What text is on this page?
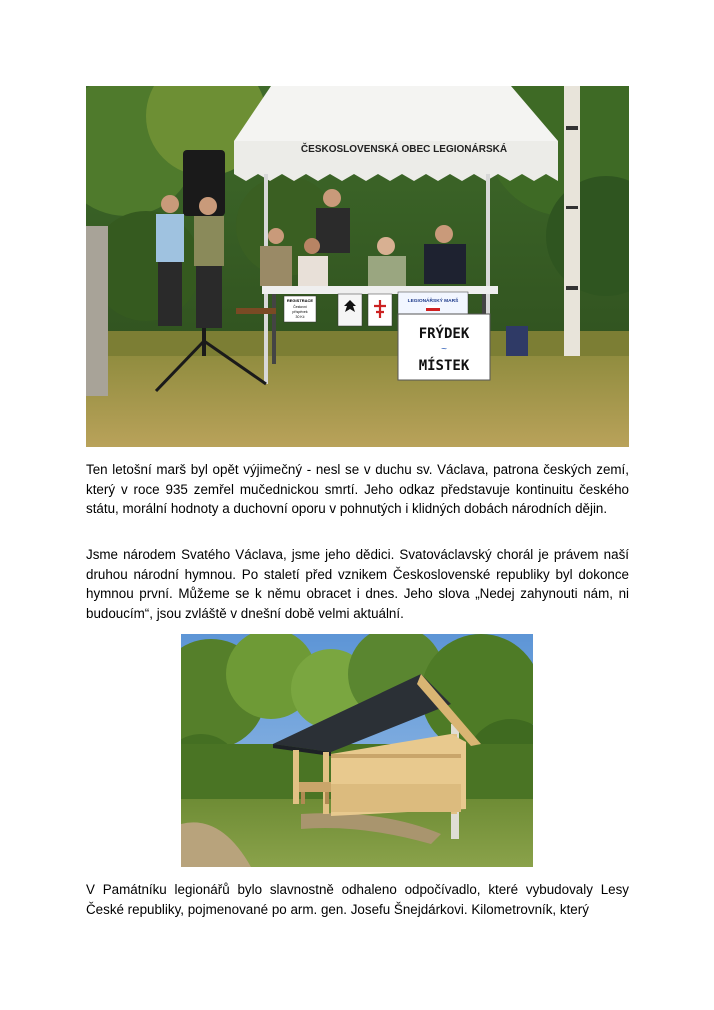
ČESKOSLOVENSKÁ OBEC LEGIONÁRSKÁ
REGISTRACE
Čestovní
příspěvek
30 Kč
LEGIONÁŘSKÝ MARŠ
FRÝDEK
~
MÍSTEK

Ten letošní marš byl opět výjimečný - nesl se v duchu sv. Václava, patrona českých zemí, který v roce 935 zemřel mučednickou smrtí. Jeho odkaz představuje kontinuitu českého státu, morální hodnoty a duchovní oporu v pohnutých i klidných dobách národních dějin.

Jsme národem Svatého Václava, jsme jeho dědici. Svatováclavský chorál je právem naší druhou národní hymnou. Po staletí před vznikem Československé republiky byl dokonce hymnou první. Můžeme se k němu obracet i dnes. Jeho slova „Nedej zahynouti nám, ni budoucím“, jsou zvláště v dnešní době velmi aktuální.

V Památníku legionářů bylo slavnostně odhaleno odpočívadlo, které vybudovaly Lesy České republiky, pojmenované po arm. gen. Josefu Šnejdárkovi. Kilometrovník, který
